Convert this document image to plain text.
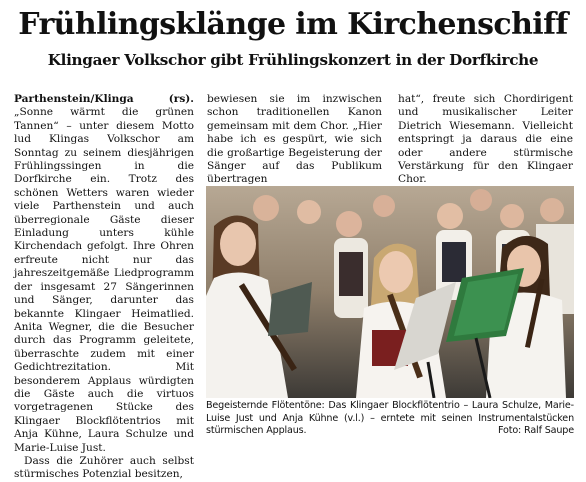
Frühlingsklänge im Kirchenschiff
Klingaer Volkschor gibt Frühlingskonzert in der Dorfkirche

Parthenstein/Klinga (rs). „Sonne wärmt die grünen Tannen“ – unter diesem Motto lud Klingas Volkschor am Sonntag zu seinem diesjährigen Frühlingssingen in die Dorfkirche ein. Trotz des schönen Wetters waren wieder viele Parthenstein und auch überregionale Gäste dieser Einladung unters kühle Kirchendach gefolgt. Ihre Ohren erfreute nicht nur das jahreszeitgemäße Liedprogramm der insgesamt 27 Sängerinnen und Sänger, darunter das bekannte Klingaer Heimatlied. Anita Wegner, die die Besucher durch das Programm geleitete, überraschte zudem mit einer Gedichtrezitation. Mit besonderem Applaus würdigten die Gäste auch die virtuos vorgetragenen Stücke des Klingaer Blockflötentrios mit Anja Kühne, Laura Schulze und Marie-Luise Just.

Dass die Zuhörer auch selbst stürmisches Potenzial besitzen,

bewiesen sie im inzwischen schon traditionellen Kanon gemeinsam mit dem Chor. „Hier habe ich es gespürt, wie sich die großartige Begeisterung der Sänger auf das Publikum übertragen

hat“, freute sich Chordirigent und musikalischer Leiter Dietrich Wiesemann. Vielleicht entspringt ja daraus die eine oder andere stürmische Verstärkung für den Klingaer Chor.

Begeisternde Flötentöne: Das Klingaer Blockflötentrio – Laura Schulze, Marie-Luise Just und Anja Kühne (v.l.) – erntete mit seinen Instrumentalstücken stürmischen Applaus.	Foto: Ralf Saupe
